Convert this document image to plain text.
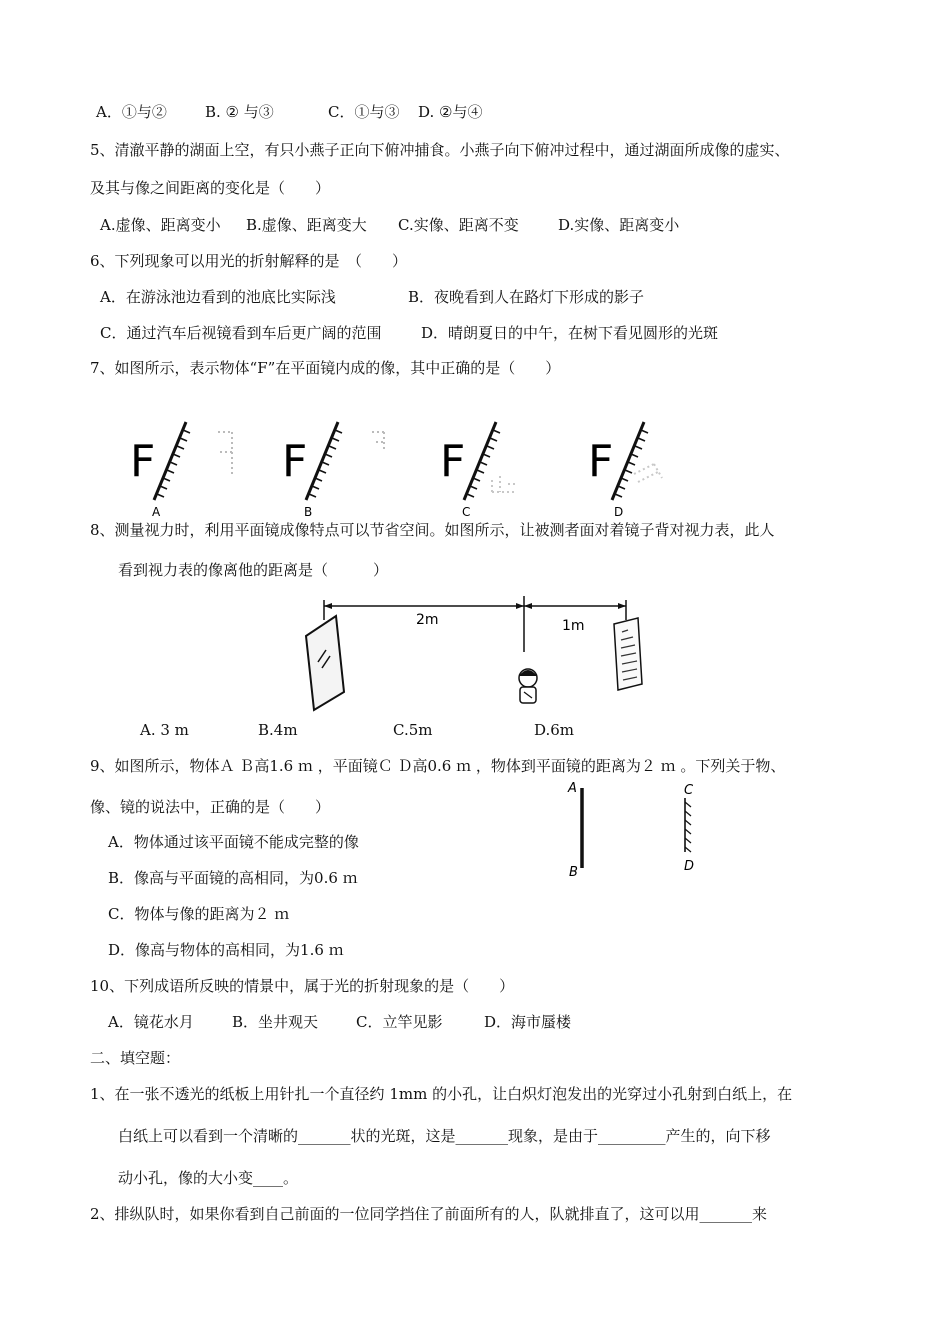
A．①与②	B. ② 与③	C．①与③ D. ②与④
5、清澈平静的湖面上空，有只小燕子正向下俯冲捕食。小燕子向下俯冲过程中，通过湖面所成像的虚实、
及其与像之间距离的变化是（　　）
A.虚像、距离变小 B.虚像、距离变大 C.实像、距离不变	D.实像、距离变小
6、下列现象可以用光的折射解释的是　（　　）
A．在游泳池边看到的池底比实际浅	B．夜晚看到人在路灯下形成的影子
C．通过汽车后视镜看到车后更广阔的范围	D．晴朗夏日的中午，在树下看见圆形的光斑
7、如图所示，表示物体“F”在平面镜内成的像，其中正确的是（　　）
F
A
F
B
F
C
F
D
8、测量视力时，利用平面镜成像特点可以节省空间。如图所示，让被测者面对着镜子背对视力表，此人
看到视力表的像离他的距离是（　　　）
2m	1m
A. 3 m	B.4m	C.5m	D.6m
9、如图所示，物体Ａ Ｂ高1.6 ｍ ，平面镜Ｃ Ｄ高0.6 ｍ ，物体到平面镜的距离为２ ｍ 。下列关于物、
像、镜的说法中，正确的是（　　）
A
B
C
D
A．物体通过该平面镜不能成完整的像
B．像高与平面镜的高相同，为0.6 ｍ
C．物体与像的距离为２ ｍ
D．像高与物体的高相同，为1.6 ｍ
10、下列成语所反映的情景中，属于光的折射现象的是（　　）
A．镜花水月	B．坐井观天	C．立竿见影	D．海市蜃楼
二、填空题：
1、在一张不透光的纸板上用针扎一个直径约 1mm 的小孔，让白炽灯泡发出的光穿过小孔射到白纸上，在
白纸上可以看到一个清晰的_______状的光斑，这是_______现象，是由于_________产生的，向下移
动小孔，像的大小变____。
2、排纵队时，如果你看到自己前面的一位同学挡住了前面所有的人，队就排直了，这可以用_______来
